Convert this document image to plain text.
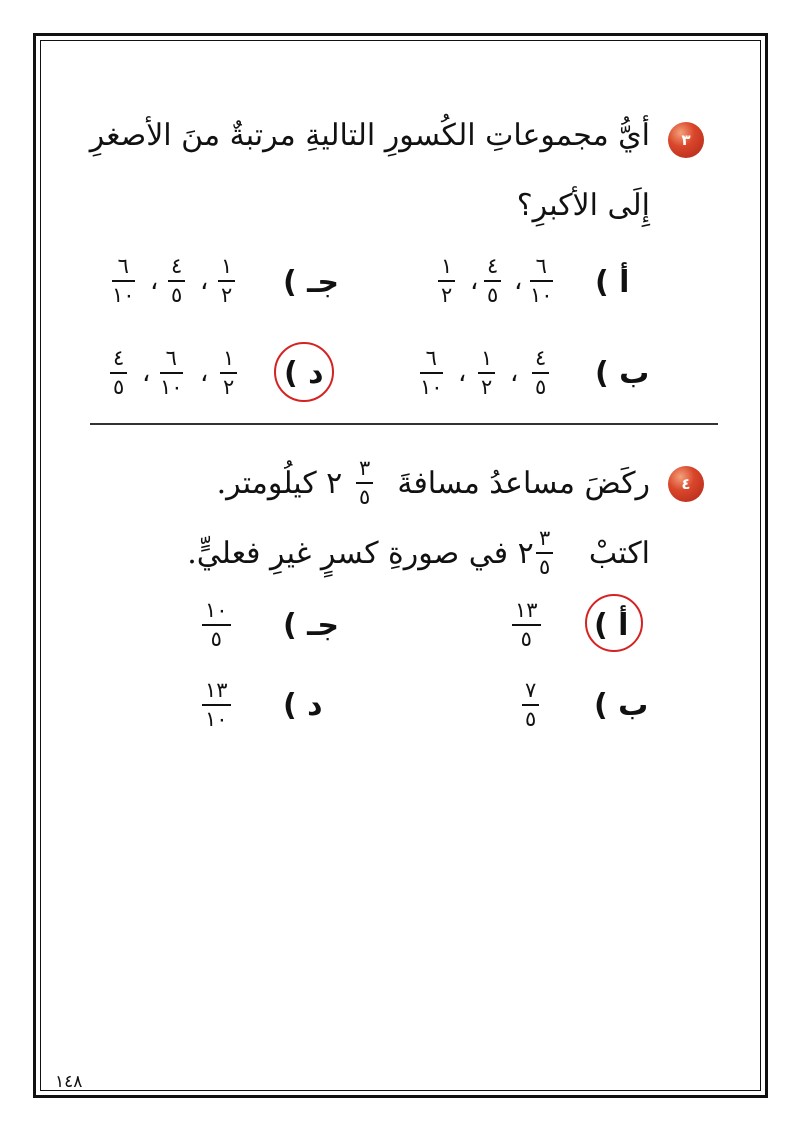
٣
أيُّ مجموعاتِ الكُسورِ التاليةِ مرتبةٌ منَ الأصغرِ
إِلَى الأكبرِ؟
أ )
١
٢ ، ٤
٥ ، ٦
١٠
جـ )
٦
١٠ ، ٤
٥ ، ١
٢
ب )
٦
١٠ ، ١
٢ ، ٤
٥
د )
٤
٥ ، ٦
١٠ ، ١
٢
٤
ركَضَ مساعدُ مسافةَ  ٢ كيلُومتر.	٣
٥
اكتبْ  ٢ في صورةِ كسرٍ غيرِ فعليٍّ.	٣
٥
أ )
١٣
٥
جـ )
١٠
٥
ب )
٧
٥
د )
١٣
١٠
١٤٨
